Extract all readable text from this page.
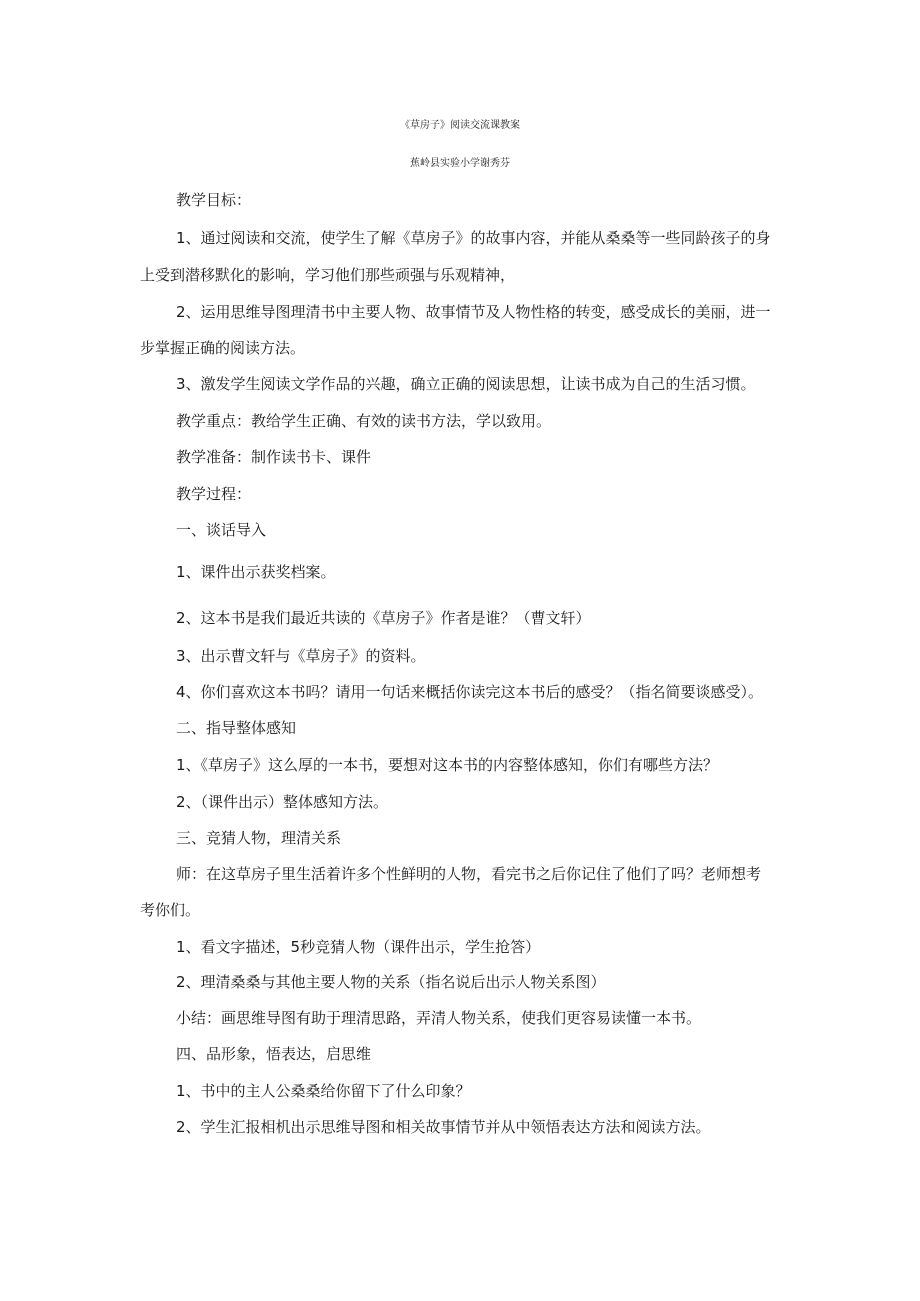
《草房子》阅读交流课教案
蕉岭县实验小学谢秀芬
教学目标：
1、通过阅读和交流，使学生了解《草房子》的故事内容，并能从桑桑等一些同龄孩子的身
上受到潜移默化的影响，学习他们那些顽强与乐观精神，
2、运用思维导图理清书中主要人物、故事情节及人物性格的转变，感受成长的美丽，进一
步掌握正确的阅读方法。
3、激发学生阅读文学作品的兴趣，确立正确的阅读思想，让读书成为自己的生活习惯。
教学重点：教给学生正确、有效的读书方法，学以致用。
教学准备：制作读书卡、课件
教学过程：
一、谈话导入
1、课件出示获奖档案。
2、这本书是我们最近共读的《草房子》作者是谁？（曹文轩）
3、出示曹文轩与《草房子》的资料。
4、你们喜欢这本书吗？请用一句话来概括你读完这本书后的感受？（指名简要谈感受）。
二、指导整体感知
1、《草房子》这么厚的一本书，要想对这本书的内容整体感知，你们有哪些方法？
2、（课件出示）整体感知方法。
三、竞猜人物，理清关系
师：在这草房子里生活着许多个性鲜明的人物，看完书之后你记住了他们了吗？老师想考
考你们。
1、看文字描述，5秒竞猜人物（课件出示，学生抢答）
2、理清桑桑与其他主要人物的关系（指名说后出示人物关系图）
小结：画思维导图有助于理清思路，弄清人物关系，使我们更容易读懂一本书。
四、品形象，悟表达，启思维
1、书中的主人公桑桑给你留下了什么印象？
2、学生汇报相机出示思维导图和相关故事情节并从中领悟表达方法和阅读方法。
